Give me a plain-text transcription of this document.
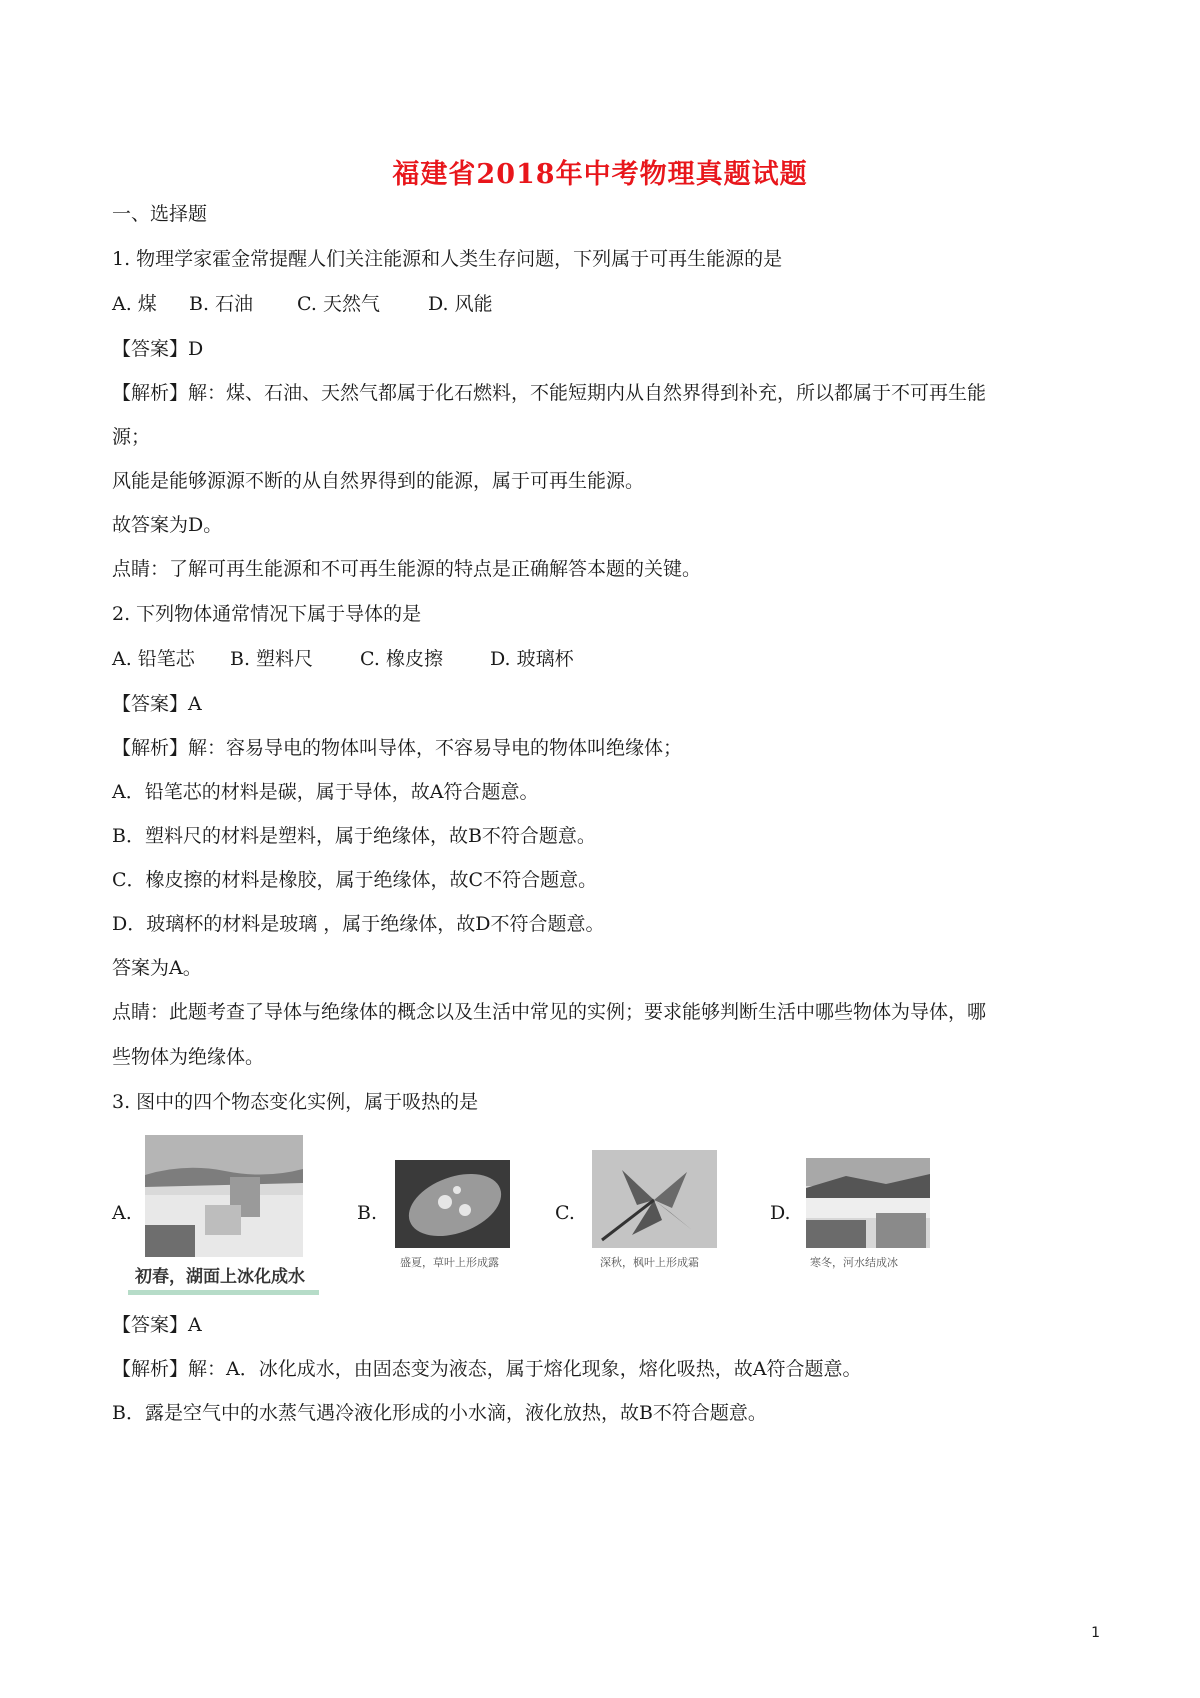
福建省2018年中考物理真题试题
一、选择题
1. 物理学家霍金常提醒人们关注能源和人类生存问题，下列属于可再生能源的是
A. 煤 B. 石油 C. 天然气	D. 风能
【答案】D
【解析】解：煤、石油、天然气都属于化石燃料，不能短期内从自然界得到补充，所以都属于不可再生能
源；
风能是能够源源不断的从自然界得到的能源，属于可再生能源。
故答案为D。
点睛：了解可再生能源和不可再生能源的特点是正确解答本题的关键。
2. 下列物体通常情况下属于导体的是
A. 铅笔芯 B. 塑料尺 C. 橡皮擦 D. 玻璃杯
【答案】A
【解析】解：容易导电的物体叫导体，不容易导电的物体叫绝缘体；
A．铅笔芯的材料是碳，属于导体，故A符合题意。
B．塑料尺的材料是塑料，属于绝缘体，故B不符合题意。
C．橡皮擦的材料是橡胶，属于绝缘体，故C不符合题意。
D．玻璃杯的材料是玻璃 ，属于绝缘体，故D不符合题意。
答案为A。
点睛：此题考查了导体与绝缘体的概念以及生活中常见的实例；要求能够判断生活中哪些物体为导体，哪
些物体为绝缘体。
3. 图中的四个物态变化实例，属于吸热的是
A.
初春，湖面上冰化成水
B.
盛夏，草叶上形成露
C.
深秋，枫叶上形成霜
D.
寒冬，河水结成冰
【答案】A
【解析】解：A．冰化成水，由固态变为液态，属于熔化现象，熔化吸热，故A符合题意。
B．露是空气中的水蒸气遇冷液化形成的小水滴，液化放热，故B不符合题意。
1
